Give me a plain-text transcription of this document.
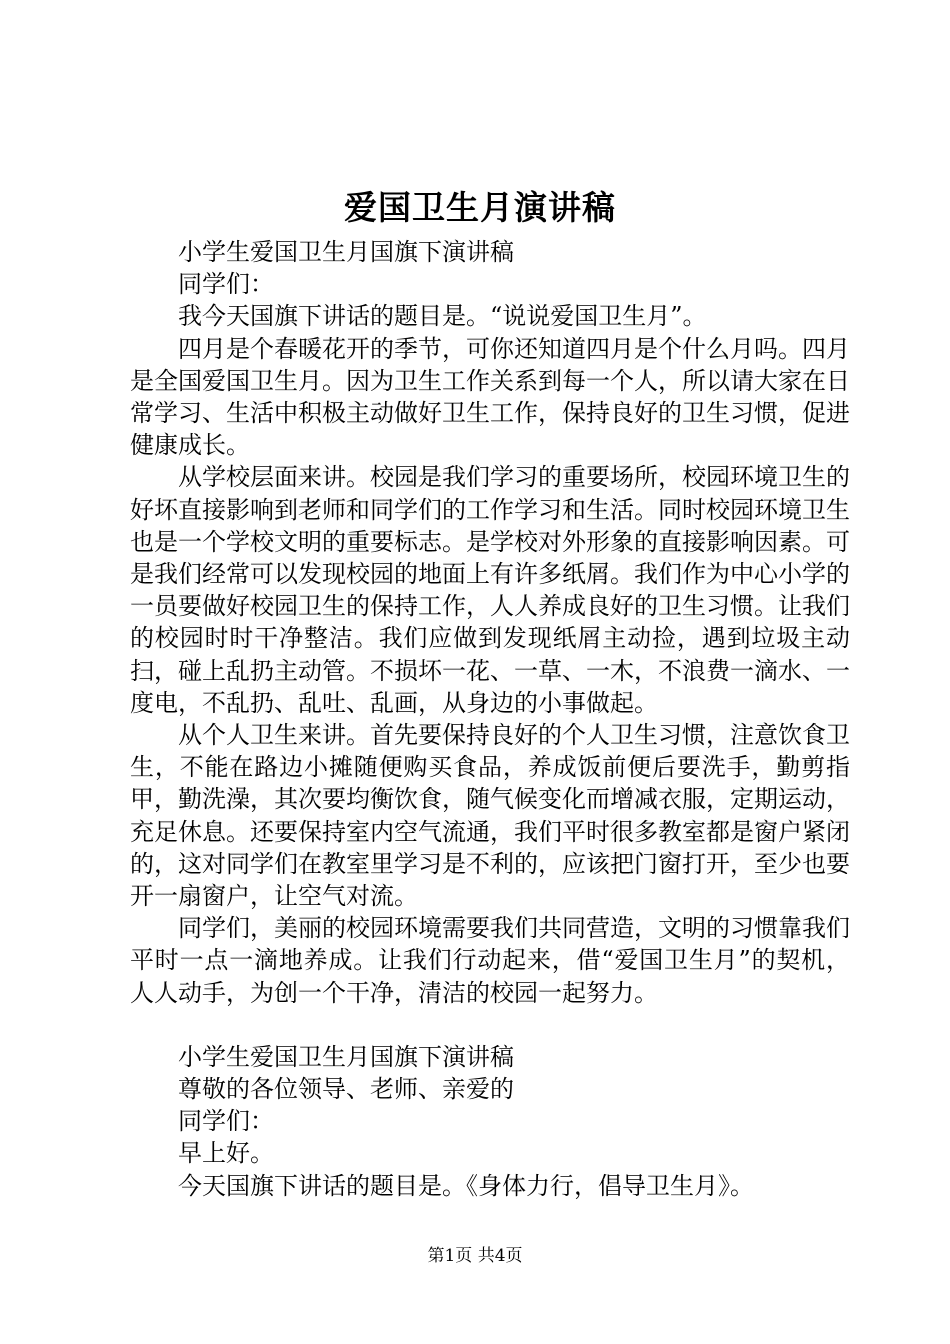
爱国卫生月演讲稿

小学生爱国卫生月国旗下演讲稿

同学们：

我今天国旗下讲话的题目是。“说说爱国卫生月”。

四月是个春暖花开的季节，可你还知道四月是个什么月吗。四月是全国爱国卫生月。因为卫生工作关系到每一个人，所以请大家在日常学习、生活中积极主动做好卫生工作，保持良好的卫生习惯，促进健康成长。

从学校层面来讲。校园是我们学习的重要场所，校园环境卫生的好坏直接影响到老师和同学们的工作学习和生活。同时校园环境卫生也是一个学校文明的重要标志。是学校对外形象的直接影响因素。可是我们经常可以发现校园的地面上有许多纸屑。我们作为中心小学的一员要做好校园卫生的保持工作，人人养成良好的卫生习惯。让我们的校园时时干净整洁。我们应做到发现纸屑主动捡，遇到垃圾主动扫，碰上乱扔主动管。不损坏一花、一草、一木，不浪费一滴水、一度电，不乱扔、乱吐、乱画，从身边的小事做起。

从个人卫生来讲。首先要保持良好的个人卫生习惯，注意饮食卫生，不能在路边小摊随便购买食品，养成饭前便后要洗手，勤剪指甲，勤洗澡，其次要均衡饮食，随气候变化而增减衣服，定期运动，充足休息。还要保持室内空气流通，我们平时很多教室都是窗户紧闭的，这对同学们在教室里学习是不利的，应该把门窗打开，至少也要开一扇窗户，让空气对流。

同学们，美丽的校园环境需要我们共同营造，文明的习惯靠我们平时一点一滴地养成。让我们行动起来，借“爱国卫生月”的契机，人人动手，为创一个干净，清洁的校园一起努力。

小学生爱国卫生月国旗下演讲稿

尊敬的各位领导、老师、亲爱的

同学们：

早上好。

今天国旗下讲话的题目是。《身体力行，倡导卫生月》。

第1页 共4页
